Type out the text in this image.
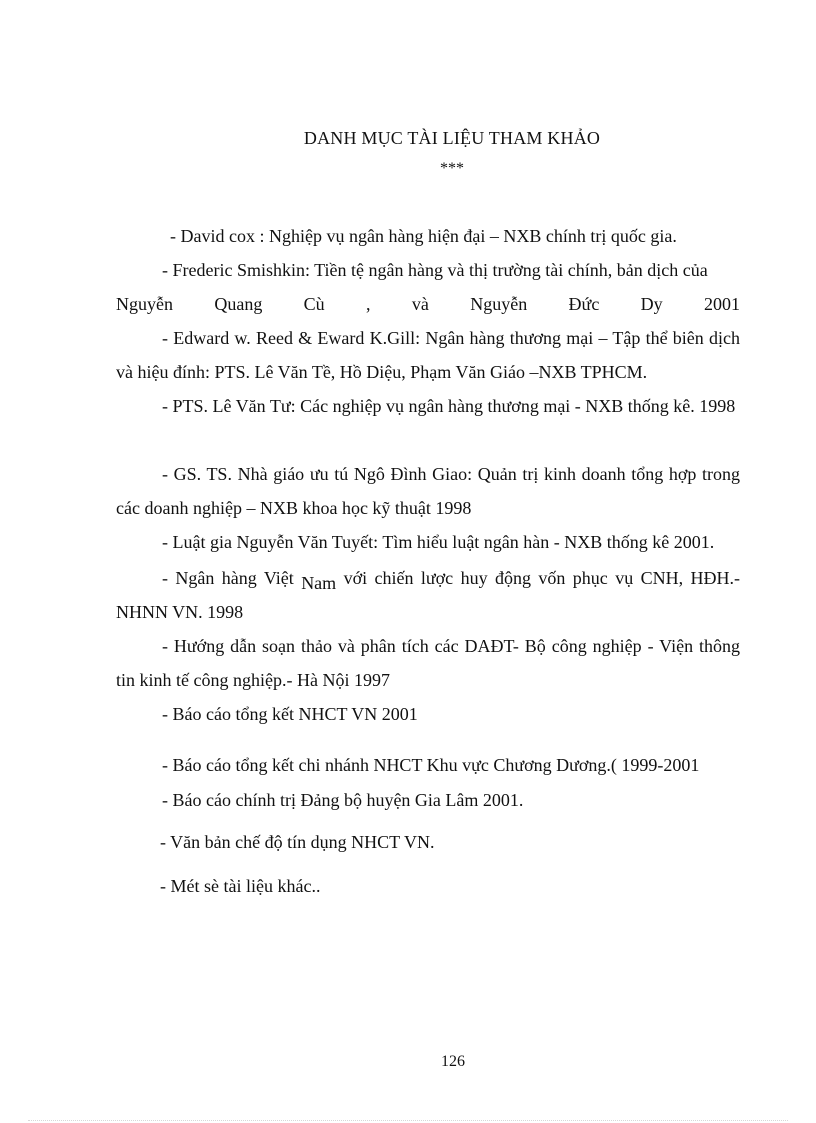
DANH MỤC TÀI LIỆU THAM KHẢO
***
- David cox : Nghiệp vụ ngân hàng hiện đại – NXB chính trị quốc gia.
- Frederic Smishkin: Tiền tệ ngân hàng và thị trường tài chính, bản dịch của
Nguyễn Quang Cù , và Nguyễn Đức Dy 2001
- Edward w. Reed & Eward K.Gill: Ngân hàng thương mại – Tập thể biên dịch và hiệu đính: PTS. Lê Văn Tề, Hồ Diệu, Phạm Văn Giáo –NXB TPHCM.
- PTS. Lê Văn Tư: Các nghiệp vụ ngân hàng thương mại - NXB thống kê. 1998
- GS. TS. Nhà giáo ưu tú Ngô Đình Giao: Quản trị kinh doanh tổng hợp trong các doanh nghiệp – NXB khoa học kỹ thuật 1998
- Luật gia Nguyễn Văn Tuyết: Tìm hiểu luật ngân hàn - NXB thống kê 2001.
- Ngân hàng Việt Nam với chiến lược huy động vốn phục vụ CNH, HĐH.- NHNN VN. 1998
- Hướng dẫn soạn thảo và phân tích các DAĐT- Bộ công nghiệp - Viện thông tin kinh tế công nghiệp.- Hà Nội 1997
- Báo cáo tổng kết NHCT VN 2001
- Báo cáo tổng kết chi nhánh NHCT Khu vực Chương Dương.( 1999-2001
- Báo cáo chính trị Đảng bộ huyện Gia Lâm 2001.
- Văn bản chế độ tín dụng NHCT VN.
- Mét sè tài liệu khác..
126
